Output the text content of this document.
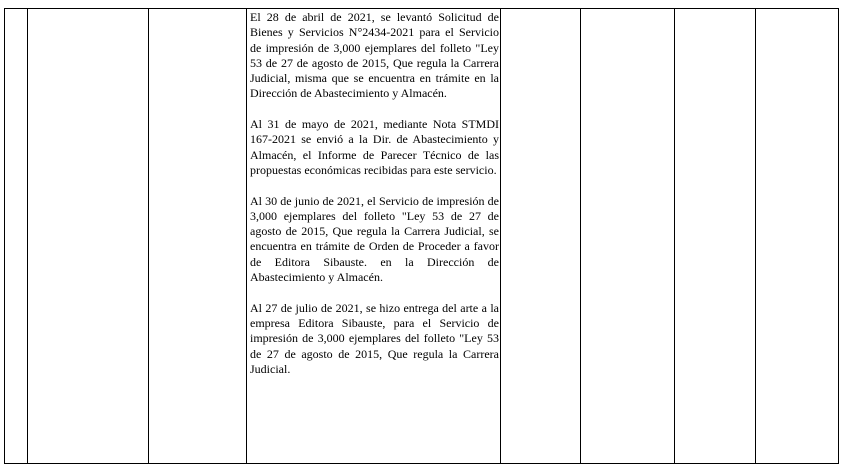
El 28 de abril de 2021, se levantó Solicitud de Bienes y Servicios N°2434-2021 para el Servicio de impresión de 3,000 ejemplares del folleto "Ley 53 de 27 de agosto de 2015, Que regula la Carrera Judicial, misma que se encuentra en trámite en la Dirección de Abastecimiento y Almacén.

Al 31 de mayo de 2021, mediante Nota STMDI 167-2021 se envió a la Dir. de Abastecimiento y Almacén, el Informe de Parecer Técnico de las propuestas económicas recibidas para este servicio.

Al 30 de junio de 2021, el Servicio de impresión de 3,000 ejemplares del folleto "Ley 53 de 27 de agosto de 2015, Que regula la Carrera Judicial, se encuentra en trámite de Orden de Proceder a favor de Editora Sibauste. en la Dirección de Abastecimiento y Almacén.

Al 27 de julio de 2021, se hizo entrega del arte a la empresa Editora Sibauste, para el Servicio de impresión de 3,000 ejemplares del folleto "Ley 53 de 27 de agosto de 2015, Que regula la Carrera Judicial.
